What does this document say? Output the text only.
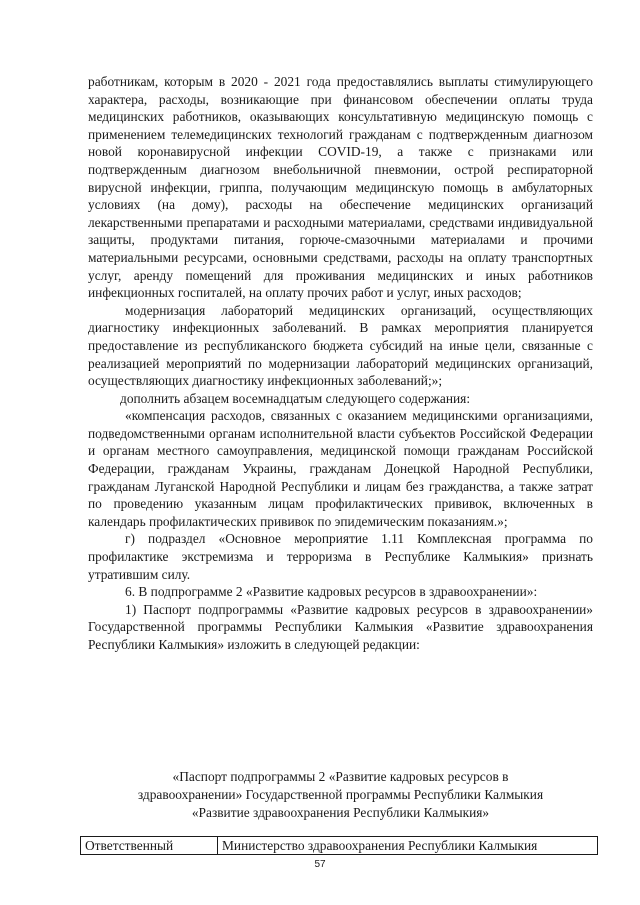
работникам, которым в 2020 - 2021 года предоставлялись выплаты стимулирующего характера, расходы, возникающие при финансовом обеспечении оплаты труда медицинских работников, оказывающих консультативную медицинскую помощь с применением телемедицинских технологий гражданам с подтвержденным диагнозом новой коронавирусной инфекции COVID-19, а также с признаками или подтвержденным диагнозом внебольничной пневмонии, острой респираторной вирусной инфекции, гриппа, получающим медицинскую помощь в амбулаторных условиях (на дому), расходы на обеспечение медицинских организаций лекарственными препаратами и расходными материалами, средствами индивидуальной защиты, продуктами питания, горюче-смазочными материалами и прочими материальными ресурсами, основными средствами, расходы на оплату транспортных услуг, аренду помещений для проживания медицинских и иных работников инфекционных госпиталей, на оплату прочих работ и услуг, иных расходов;

модернизация лабораторий медицинских организаций, осуществляющих диагностику инфекционных заболеваний. В рамках мероприятия планируется предоставление из республиканского бюджета субсидий на иные цели, связанные с реализацией мероприятий по модернизации лабораторий медицинских организаций, осуществляющих диагностику инфекционных заболеваний;»;

дополнить абзацем восемнадцатым следующего содержания:

«компенсация расходов, связанных с оказанием медицинскими организациями, подведомственными органам исполнительной власти субъектов Российской Федерации и органам местного самоуправления, медицинской помощи гражданам Российской Федерации, гражданам Украины, гражданам Донецкой Народной Республики, гражданам Луганской Народной Республики и лицам без гражданства, а также затрат по проведению указанным лицам профилактических прививок, включенных в календарь профилактических прививок по эпидемическим показаниям.»;

г) подраздел «Основное мероприятие 1.11 Комплексная программа по профилактике экстремизма и терроризма в Республике Калмыкия» признать утратившим силу.

6. В подпрограмме 2 «Развитие кадровых ресурсов в здравоохранении»:

1) Паспорт подпрограммы «Развитие кадровых ресурсов в здравоохранении» Государственной программы Республики Калмыкия «Развитие здравоохранения Республики Калмыкия» изложить в следующей редакции:

«Паспорт подпрограммы 2 «Развитие кадровых ресурсов в
здравоохранении» Государственной программы Республики Калмыкия
«Развитие здравоохранения Республики Калмыкия»
Ответственный	Министерство здравоохранения Республики Калмыкия
57
